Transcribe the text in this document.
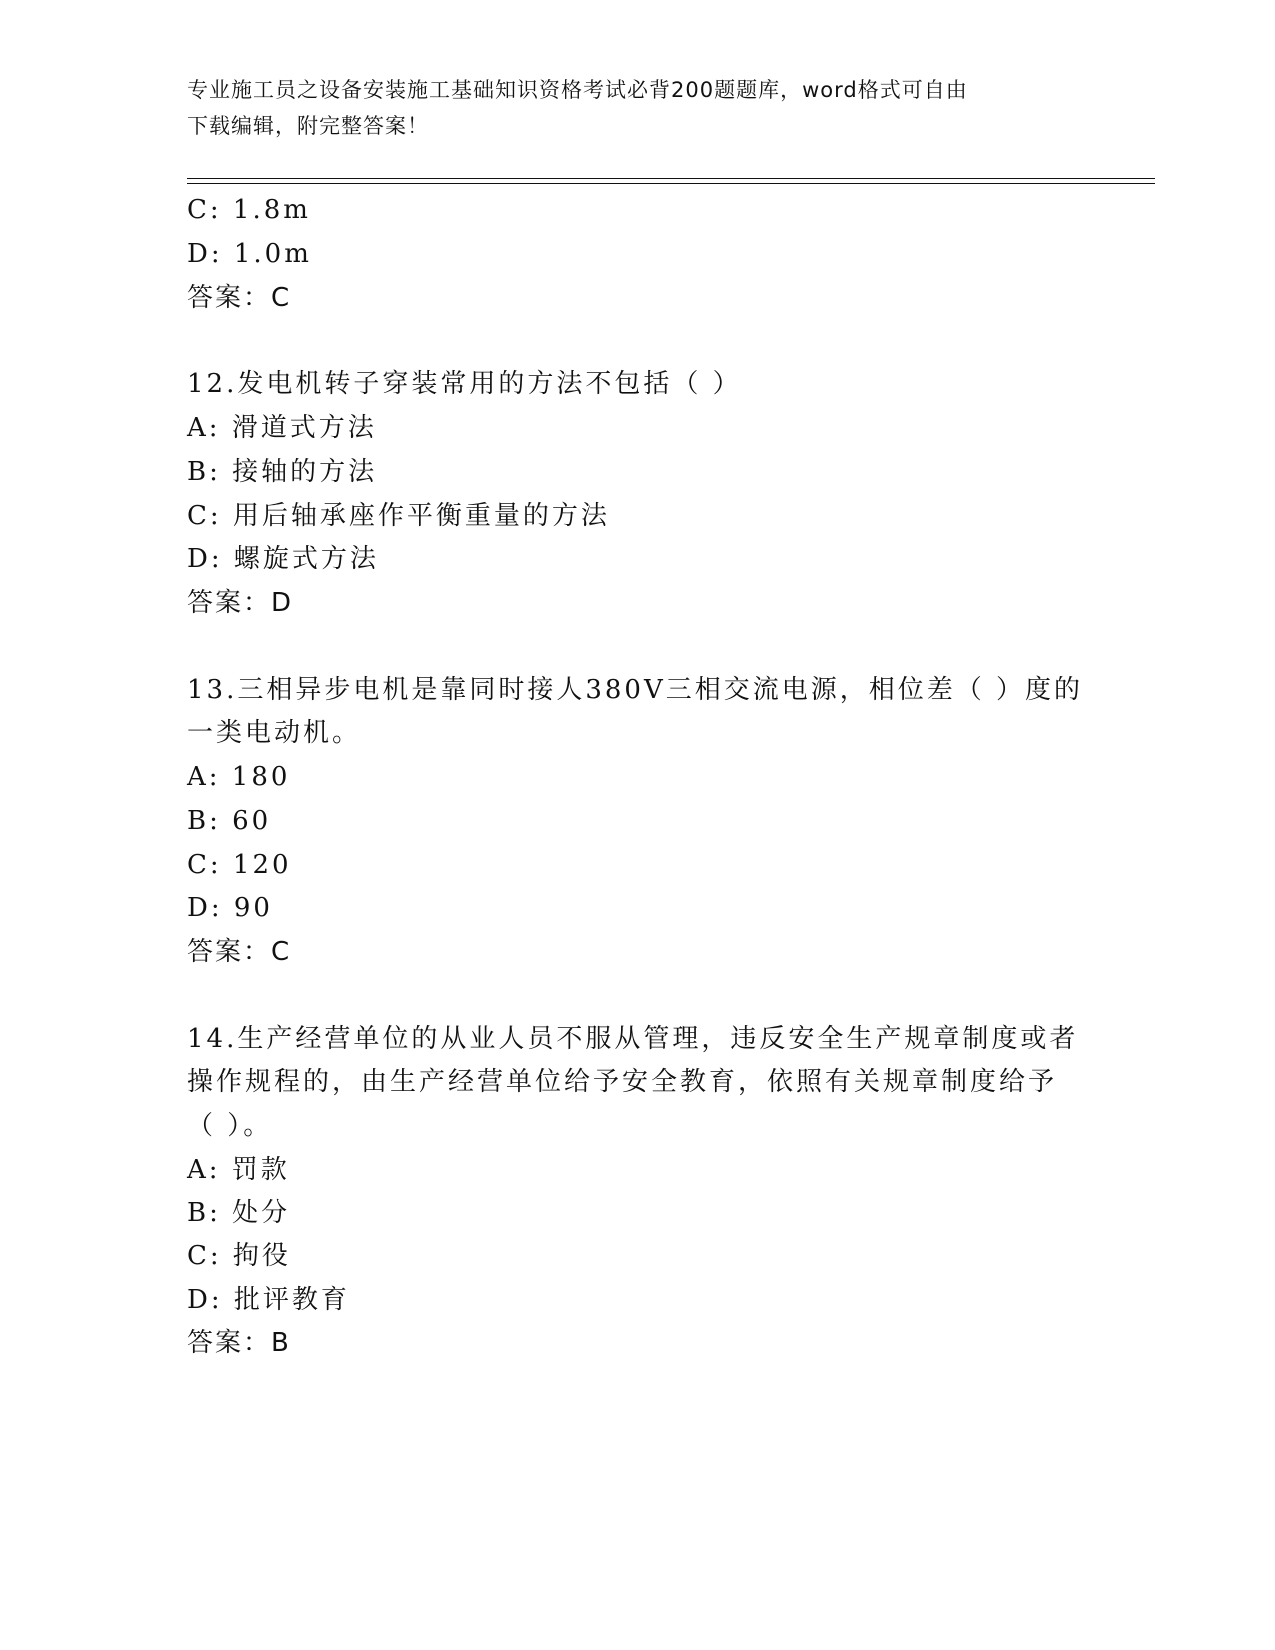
专业施工员之设备安装施工基础知识资格考试必背200题题库，word格式可自由
下载编辑，附完整答案！
C: 1.8m
D: 1.0m
答案：C
12.发电机转子穿装常用的方法不包括（ ）
A: 滑道式方法
B: 接轴的方法
C: 用后轴承座作平衡重量的方法
D: 螺旋式方法
答案：D
13.三相异步电机是靠同时接人380V三相交流电源，相位差（ ）度的
一类电动机。
A: 180
B: 60
C: 120
D: 90
答案：C
14.生产经营单位的从业人员不服从管理，违反安全生产规章制度或者
操作规程的，由生产经营单位给予安全教育，依照有关规章制度给予
（ ）。
A: 罚款
B: 处分
C: 拘役
D: 批评教育
答案：B
